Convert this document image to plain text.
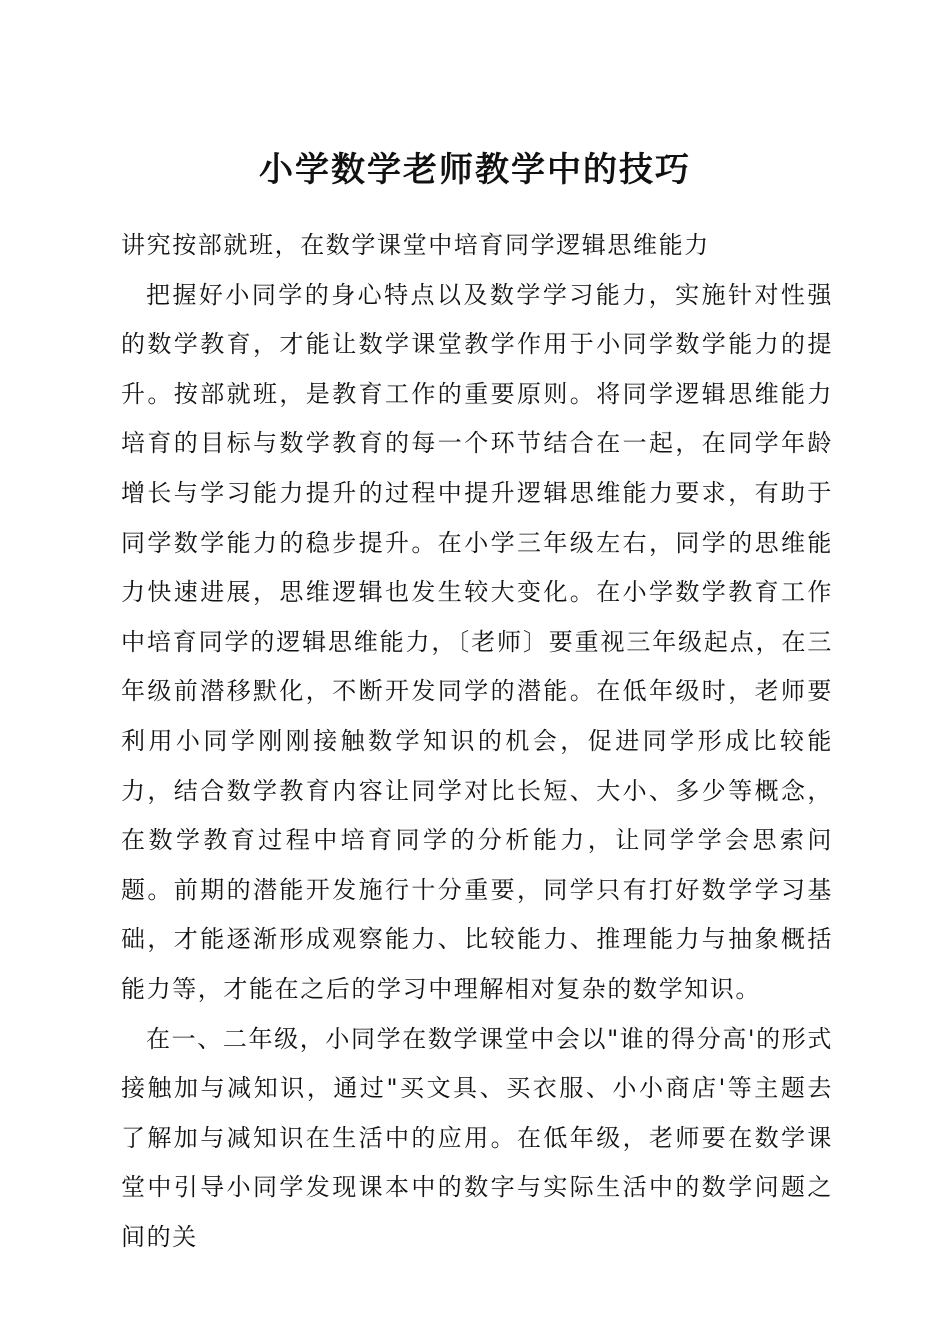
小学数学老师教学中的技巧

讲究按部就班，在数学课堂中培育同学逻辑思维能力

把握好小同学的身心特点以及数学学习能力，实施针对性强的数学教育，才能让数学课堂教学作用于小同学数学能力的提升。按部就班，是教育工作的重要原则。将同学逻辑思维能力培育的目标与数学教育的每一个环节结合在一起，在同学年龄增长与学习能力提升的过程中提升逻辑思维能力要求，有助于同学数学能力的稳步提升。在小学三年级左右，同学的思维能力快速进展，思维逻辑也发生较大变化。在小学数学教育工作中培育同学的逻辑思维能力，〔老师〕要重视三年级起点，在三年级前潜移默化，不断开发同学的潜能。在低年级时，老师要利用小同学刚刚接触数学知识的机会，促进同学形成比较能力，结合数学教育内容让同学对比长短、大小、多少等概念，在数学教育过程中培育同学的分析能力，让同学学会思索问题。前期的潜能开发施行十分重要，同学只有打好数学学习基础，才能逐渐形成观察能力、比较能力、推理能力与抽象概括能力等，才能在之后的学习中理解相对复杂的数学知识。

在一、二年级，小同学在数学课堂中会以"谁的得分高'的形式接触加与减知识，通过"买文具、买衣服、小小商店'等主题去了解加与减知识在生活中的应用。在低年级，老师要在数学课堂中引导小同学发现课本中的数字与实际生活中的数学问题之间的关
